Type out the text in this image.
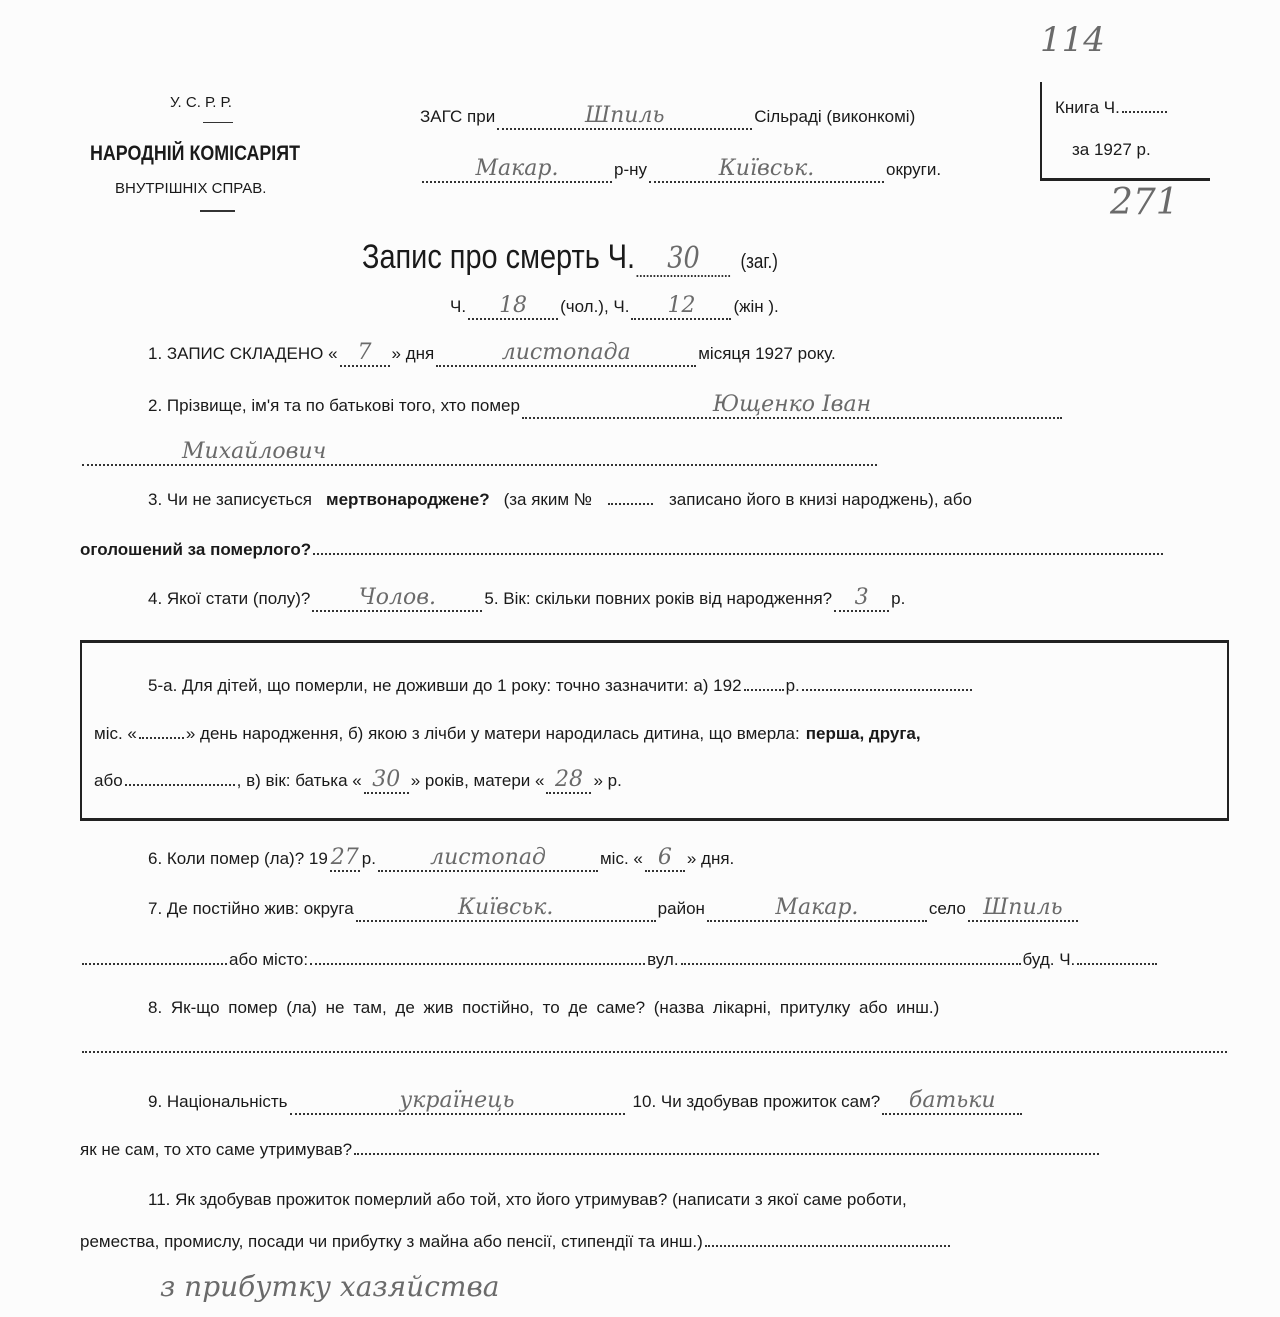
У. С. Р. Р.
НАРОДНІЙ КОМІСАРІЯТ
ВНУТРІШНІХ СПРАВ.
ЗАГС при	Шпиль	Сільраді (виконкомі)
Макар.	р-ну	Київськ.	округи.
Книга Ч.
за 1927 р.
114
271
Запис про смерть Ч.	30	(заг.)
Ч.	18	(чол.), Ч.	12	(жін ).
1. ЗАПИС СКЛАДЕНО « 7	» дня	листопада	місяця 1927 року.
2. Прізвище, ім'я та по батькові того, хто помер	Ющенко Іван
Михайлович
3. Чи не записується мертвонароджене? (за яким №	записано його в книзі народжень), або
оголошений за померлого?
4. Якої стати (полу)?	Чолов.	5. Вік: скільки повних років від народження?	3	р.
5-а. Для дітей, що померли, не доживши до 1 року: точно зазначити: а) 192	р.
міс. «	» день народження, б) якою з лічби у матери народилась дитина, що вмерла: перша, друга,
або	, в) вік: батька « 30 » років, матери « 28 » р.
6. Коли помер (ла)? 19 27 р.	листопад	міс. « 6 » дня.
7. Де постійно жив: округа	Київськ.	район	Макар.	село Шпиль
або місто:	вул.	буд. Ч.
8. Як-що помер (ла) не там, де жив постійно, то де саме? (назва лікарні, притулку або инш.)
9. Національність	українець	10. Чи здобував прожиток сам?	батьки
як не сам, то хто саме утримував?
11. Як здобував прожиток померлий або той, хто його утримував? (написати з якої саме роботи,
ремества, промислу, посади чи прибутку з майна або пенсії, стипендії та инш.)
з прибутку хазяйства
